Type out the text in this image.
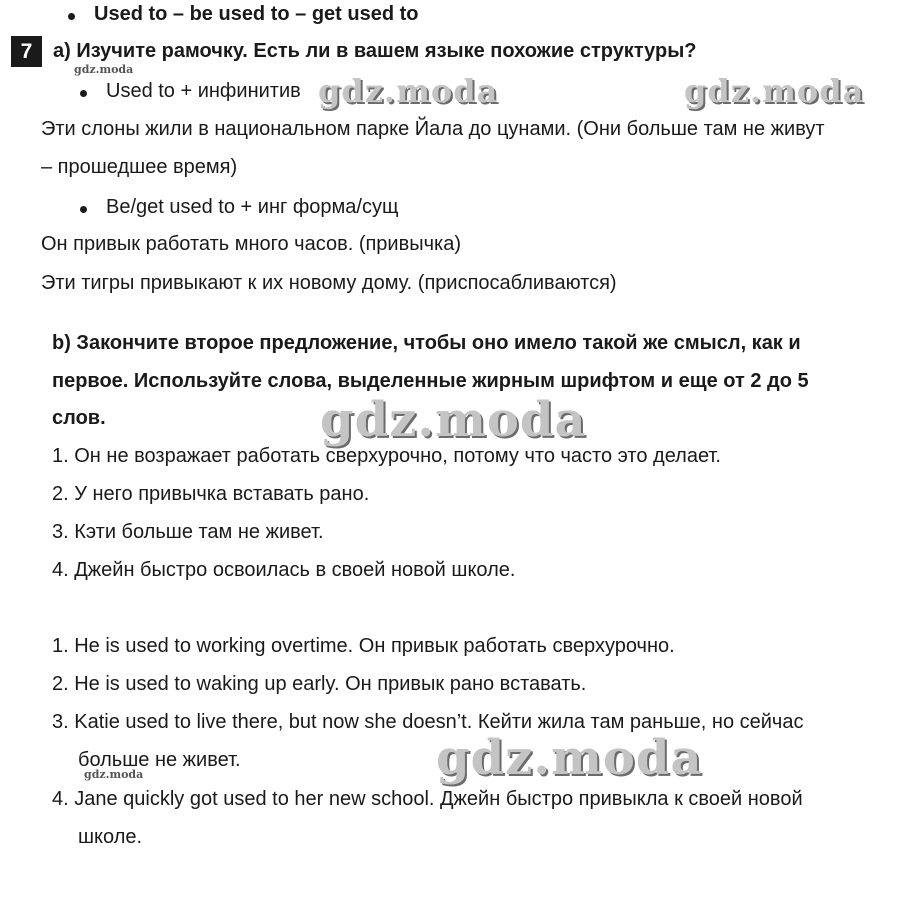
Used to – be used to – get used to
7	a) Изучите рамочку. Есть ли в вашем языке похожие структуры?
Used to + инфинитив
Эти слоны жили в национальном парке Йала до цунами. (Они больше там не живут
– прошедшее время)
Be/get used to + инг форма/сущ
Он привык работать много часов. (привычка)
Эти тигры привыкают к их новому дому. (приспосабливаются)
b) Закончите второе предложение, чтобы оно имело такой же смысл, как и
первое. Используйте слова, выделенные жирным шрифтом и еще от 2 до 5
слов.
1. Он не возражает работать сверхурочно, потому что часто это делает.
2. У него привычка вставать рано.
3. Кэти больше там не живет.
4. Джейн быстро освоилась в своей новой школе.
1. He is used to working overtime. Он привык работать сверхурочно.
2. He is used to waking up early. Он привык рано вставать.
3. Katie used to live there, but now she doesn’t. Кейти жила там раньше, но сейчас
больше не живет.
4. Jane quickly got used to her new school. Джейн быстро привыкла к своей новой
школе.
gdz.moda
gdz.moda	gdz.moda
gdz.moda
gdz.moda
gdz.moda
